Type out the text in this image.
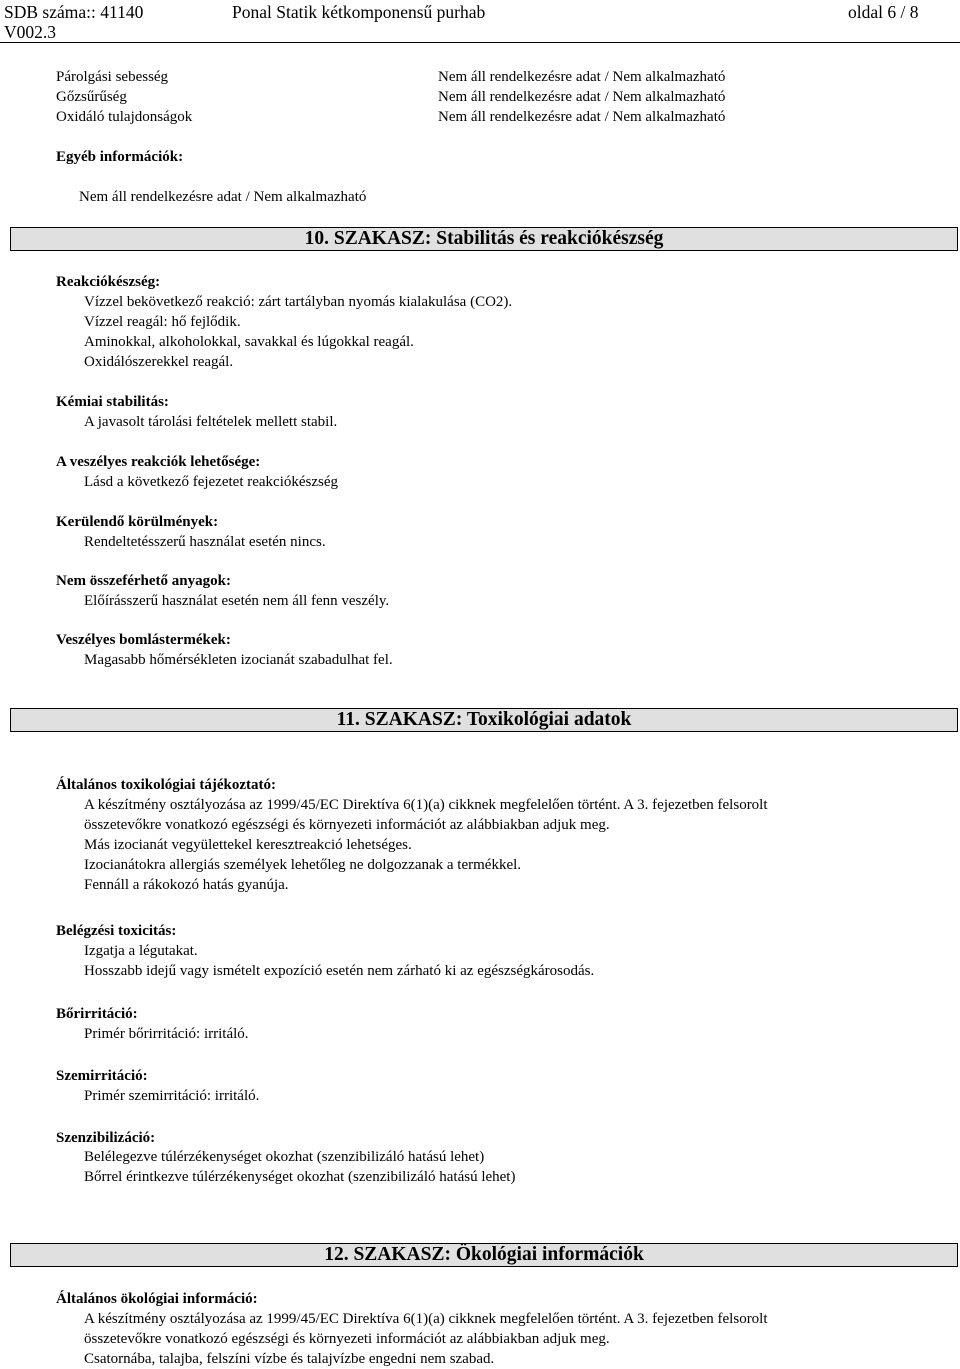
SDB száma:: 41140
V002.3
Ponal Statik kétkomponensű purhab	oldal 6 / 8
Párolgási sebesség	Nem áll rendelkezésre adat / Nem alkalmazható
Gőzsűrűség	Nem áll rendelkezésre adat / Nem alkalmazható
Oxidáló tulajdonságok	Nem áll rendelkezésre adat / Nem alkalmazható
Egyéb információk:
Nem áll rendelkezésre adat / Nem alkalmazható
10. SZAKASZ: Stabilitás és reakciókészség
Reakciókészség:
Vízzel bekövetkező reakció: zárt tartályban nyomás kialakulása (CO2).
Vízzel reagál: hő fejlődik.
Aminokkal, alkoholokkal, savakkal és lúgokkal reagál.
Oxidálószerekkel reagál.
Kémiai stabilitás:
A javasolt tárolási feltételek mellett stabil.
A veszélyes reakciók lehetősége:
Lásd a következő fejezetet reakciókészség
Kerülendő körülmények:
Rendeltetésszerű használat esetén nincs.
Nem összeférhető anyagok:
Előírásszerű használat esetén nem áll fenn veszély.
Veszélyes bomlástermékek:
Magasabb hőmérsékleten izocianát szabadulhat fel.
11. SZAKASZ: Toxikológiai adatok
Általános toxikológiai tájékoztató:
A készítmény osztályozása az 1999/45/EC Direktíva 6(1)(a) cikknek megfelelően történt. A 3. fejezetben felsorolt
összetevőkre vonatkozó egészségi és környezeti információt az alábbiakban adjuk meg.
Más izocianát vegyülettekel keresztreakció lehetséges.
Izocianátokra allergiás személyek lehetőleg ne dolgozzanak a termékkel.
Fennáll a rákokozó hatás gyanúja.
Belégzési toxicitás:
Izgatja a légutakat.
Hosszabb idejű vagy ismételt expozíció esetén nem zárható ki az egészségkárosodás.
Bőrirritáció:
Primér bőrirritáció: irritáló.
Szemirritáció:
Primér szemirritáció: irritáló.
Szenzibilizáció:
Belélegezve túlérzékenységet okozhat (szenzibilizáló hatású lehet)
Bőrrel érintkezve túlérzékenységet okozhat (szenzibilizáló hatású lehet)
12. SZAKASZ: Ökológiai információk
Általános ökológiai információ:
A készítmény osztályozása az 1999/45/EC Direktíva 6(1)(a) cikknek megfelelően történt. A 3. fejezetben felsorolt
összetevőkre vonatkozó egészségi és környezeti információt az alábbiakban adjuk meg.
Csatornába, talajba, felszíni vízbe és talajvízbe engedni nem szabad.
